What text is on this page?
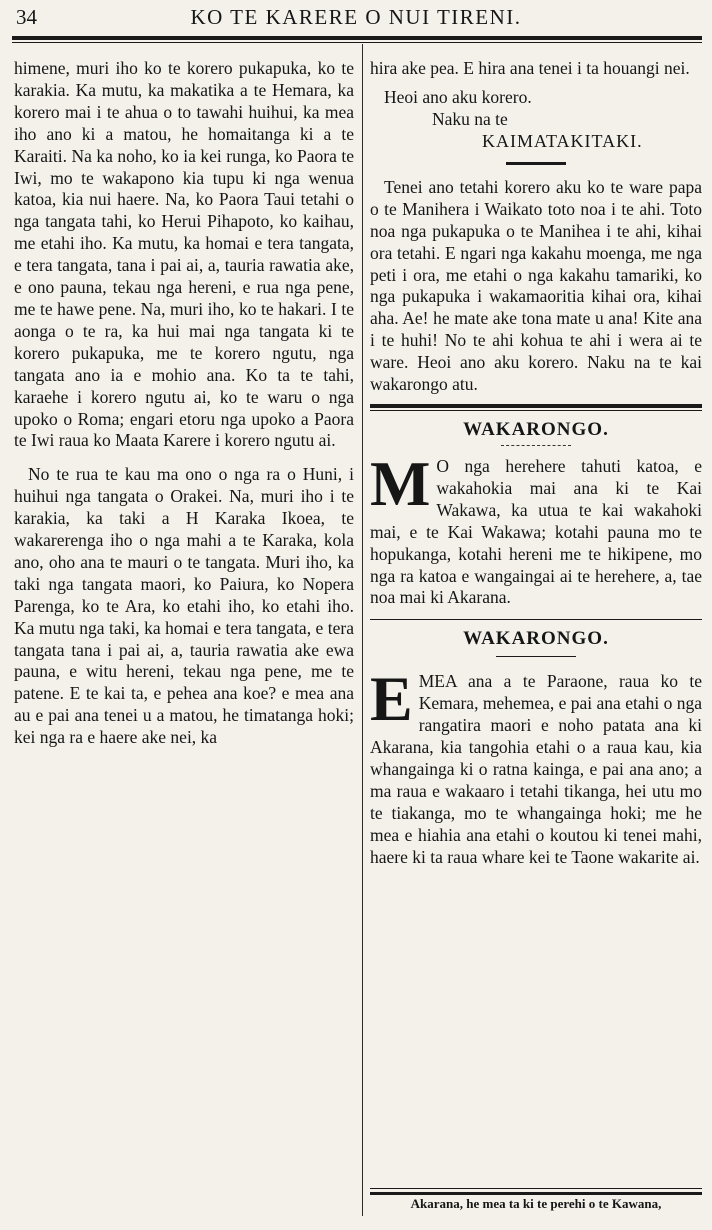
34	KO TE KARERE O NUI TIRENI.

himene, muri iho ko te korero pukapuka, ko te karakia. Ka mutu, ka makatika a te Hemara, ka korero mai i te ahua o to tawahi huihui, ka mea iho ano ki a matou, he homaitanga ki a te Karaiti. Na ka noho, ko ia kei runga, ko Paora te Iwi, mo te wakapono kia tupu ki nga wenua katoa, kia nui haere. Na, ko Paora Taui tetahi o nga tangata tahi, ko Herui Pihapoto, ko kaihau, me etahi iho. Ka mutu, ka homai e tera tangata, e tera tangata, tana i pai ai, a, tauria rawatia ake, e ono pauna, tekau nga hereni, e rua nga pene, me te hawe pene. Na, muri iho, ko te hakari. I te aonga o te ra, ka hui mai nga tangata ki te korero pukapuka, me te korero ngutu, nga tangata ano ia e mohio ana. Ko ta te tahi, karaehe i korero ngutu ai, ko te waru o nga upoko o Roma; engari etoru nga upoko a Paora te Iwi raua ko Maata Karere i korero ngutu ai.

No te rua te kau ma ono o nga ra o Huni, i huihui nga tangata o Orakei. Na, muri iho i te karakia, ka taki a H Karaka Ikoea, te wakarerenga iho o nga mahi a te Karaka, kola ano, oho ana te mauri o te tangata. Muri iho, ka taki nga tangata maori, ko Paiura, ko Nopera Parenga, ko te Ara, ko etahi iho, ko etahi iho. Ka mutu nga taki, ka homai e tera tangata, e tera tangata tana i pai ai, a, tauria rawatia ake ewa pauna, e witu hereni, tekau nga pene, me te patene. E te kai ta, e pehea ana koe? e mea ana au e pai ana tenei u a matou, he timatanga hoki; kei nga ra e haere ake nei, ka

hira ake pea. E hira ana tenei i ta houangi nei.

Heoi ano aku korero.
Naku na te
KAIMATAKITAKI.

Tenei ano tetahi korero aku ko te ware papa o te Manihera i Waikato toto noa i te ahi. Toto noa nga pukapuka o te Manihea i te ahi, kihai ora tetahi. E ngari nga kakahu moenga, me nga peti i ora, me etahi o nga kakahu tamariki, ko nga pukapuka i wakamaoritia kihai ora, kihai aha. Ae! he mate ake tona mate u ana! Kite ana i te huhi! No te ahi kohua te ahi i wera ai te ware. Heoi ano aku korero. Naku na te kai wakarongo atu.

WAKARONGO.

M O nga herehere tahuti katoa, e wakahokia mai ana ki te Kai Wakawa, ka utua te kai wakahoki mai, e te Kai Wakawa; kotahi pauna mo te hopukanga, kotahi hereni me te hikipene, mo nga ra katoa e wangaingai ai te herehere, a, tae noa mai ki Akarana.

WAKARONGO.

E MEA ana a te Paraone, raua ko te Kemara, mehemea, e pai ana etahi o nga rangatira maori e noho patata ana ki Akarana, kia tangohia etahi o a raua kau, kia whangainga ki o ratna kainga, e pai ana ano; a ma raua e wakaaro i tetahi tikanga, hei utu mo te tiakanga, mo te whangainga hoki; me he mea e hiahia ana etahi o koutou ki tenei mahi, haere ki ta raua whare kei te Taone wakarite ai.

Akarana, he mea ta ki te perehi o te Kawana,
